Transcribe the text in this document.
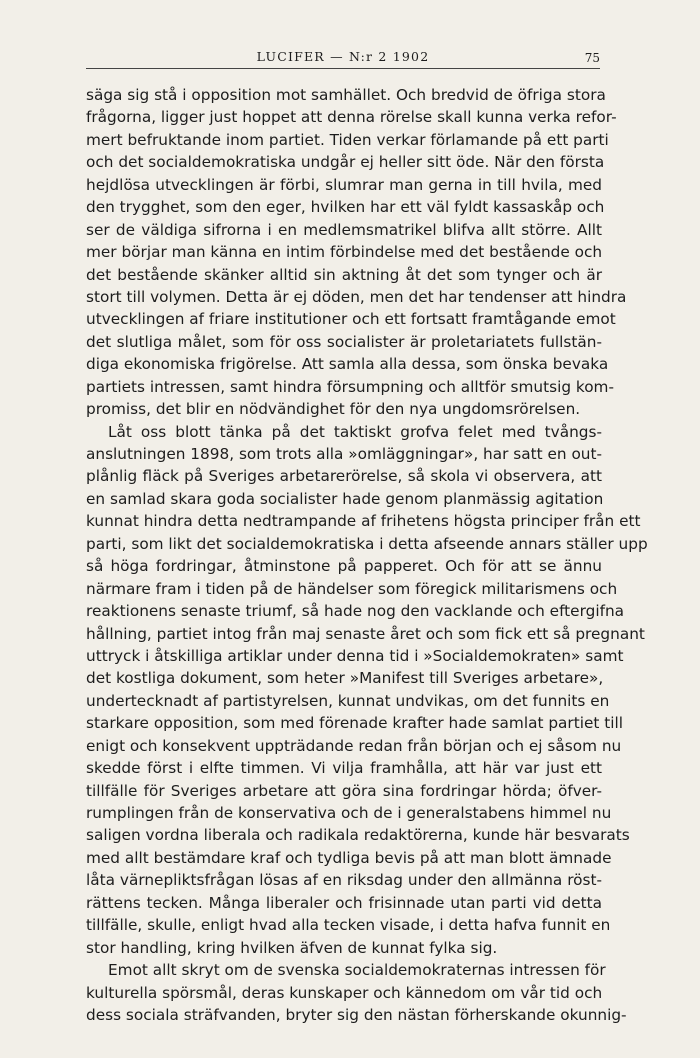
LUCIFER — N:r 2 1902	75
säga sig stå i opposition mot samhället. Och bredvid de öfriga stora
frågorna, ligger just hoppet att denna rörelse skall kunna verka refor-
mert befruktande inom partiet. Tiden verkar förlamande på ett parti
och det socialdemokratiska undgår ej heller sitt öde. När den första
hejdlösa utvecklingen är förbi, slumrar man gerna in till hvila, med
den trygghet, som den eger, hvilken har ett väl fyldt kassaskåp och
ser de väldiga sifrorna i en medlemsmatrikel blifva allt större. Allt
mer börjar man känna en intim förbindelse med det bestående och
det bestående skänker alltid sin aktning åt det som tynger och är
stort till volymen. Detta är ej döden, men det har tendenser att hindra
utvecklingen af friare institutioner och ett fortsatt framtågande emot
det slutliga målet, som för oss socialister är proletariatets fullstän-
diga ekonomiska frigörelse. Att samla alla dessa, som önska bevaka
partiets intressen, samt hindra försumpning och alltför smutsig kom-
promiss, det blir en nödvändighet för den nya ungdomsrörelsen.
Låt oss blott tänka på det taktiskt grofva felet med tvångs-
anslutningen 1898, som trots alla »omläggningar», har satt en out-
plånlig fläck på Sveriges arbetarerörelse, så skola vi observera, att
en samlad skara goda socialister hade genom planmässig agitation
kunnat hindra detta nedtrampande af frihetens högsta principer från ett
parti, som likt det socialdemokratiska i detta afseende annars ställer upp
så höga fordringar, åtminstone på papperet. Och för att se ännu
närmare fram i tiden på de händelser som föregick militarismens och
reaktionens senaste triumf, så hade nog den vacklande och eftergifna
hållning, partiet intog från maj senaste året och som fick ett så pregnant
uttryck i åtskilliga artiklar under denna tid i »Socialdemokraten» samt
det kostliga dokument, som heter »Manifest till Sveriges arbetare»,
undertecknadt af partistyrelsen, kunnat undvikas, om det funnits en
starkare opposition, som med förenade krafter hade samlat partiet till
enigt och konsekvent uppträdande redan från början och ej såsom nu
skedde först i elfte timmen. Vi vilja framhålla, att här var just ett
tillfälle för Sveriges arbetare att göra sina fordringar hörda; öfver-
rumplingen från de konservativa och de i generalstabens himmel nu
saligen vordna liberala och radikala redaktörerna, kunde här besvarats
med allt bestämdare kraf och tydliga bevis på att man blott ämnade
låta värnepliktsfrågan lösas af en riksdag under den allmänna röst-
rättens tecken. Många liberaler och frisinnade utan parti vid detta
tillfälle, skulle, enligt hvad alla tecken visade, i detta hafva funnit en
stor handling, kring hvilken äfven de kunnat fylka sig.
Emot allt skryt om de svenska socialdemokraternas intressen för
kulturella spörsmål, deras kunskaper och kännedom om vår tid och
dess sociala sträfvanden, bryter sig den nästan förherskande okunnig-
